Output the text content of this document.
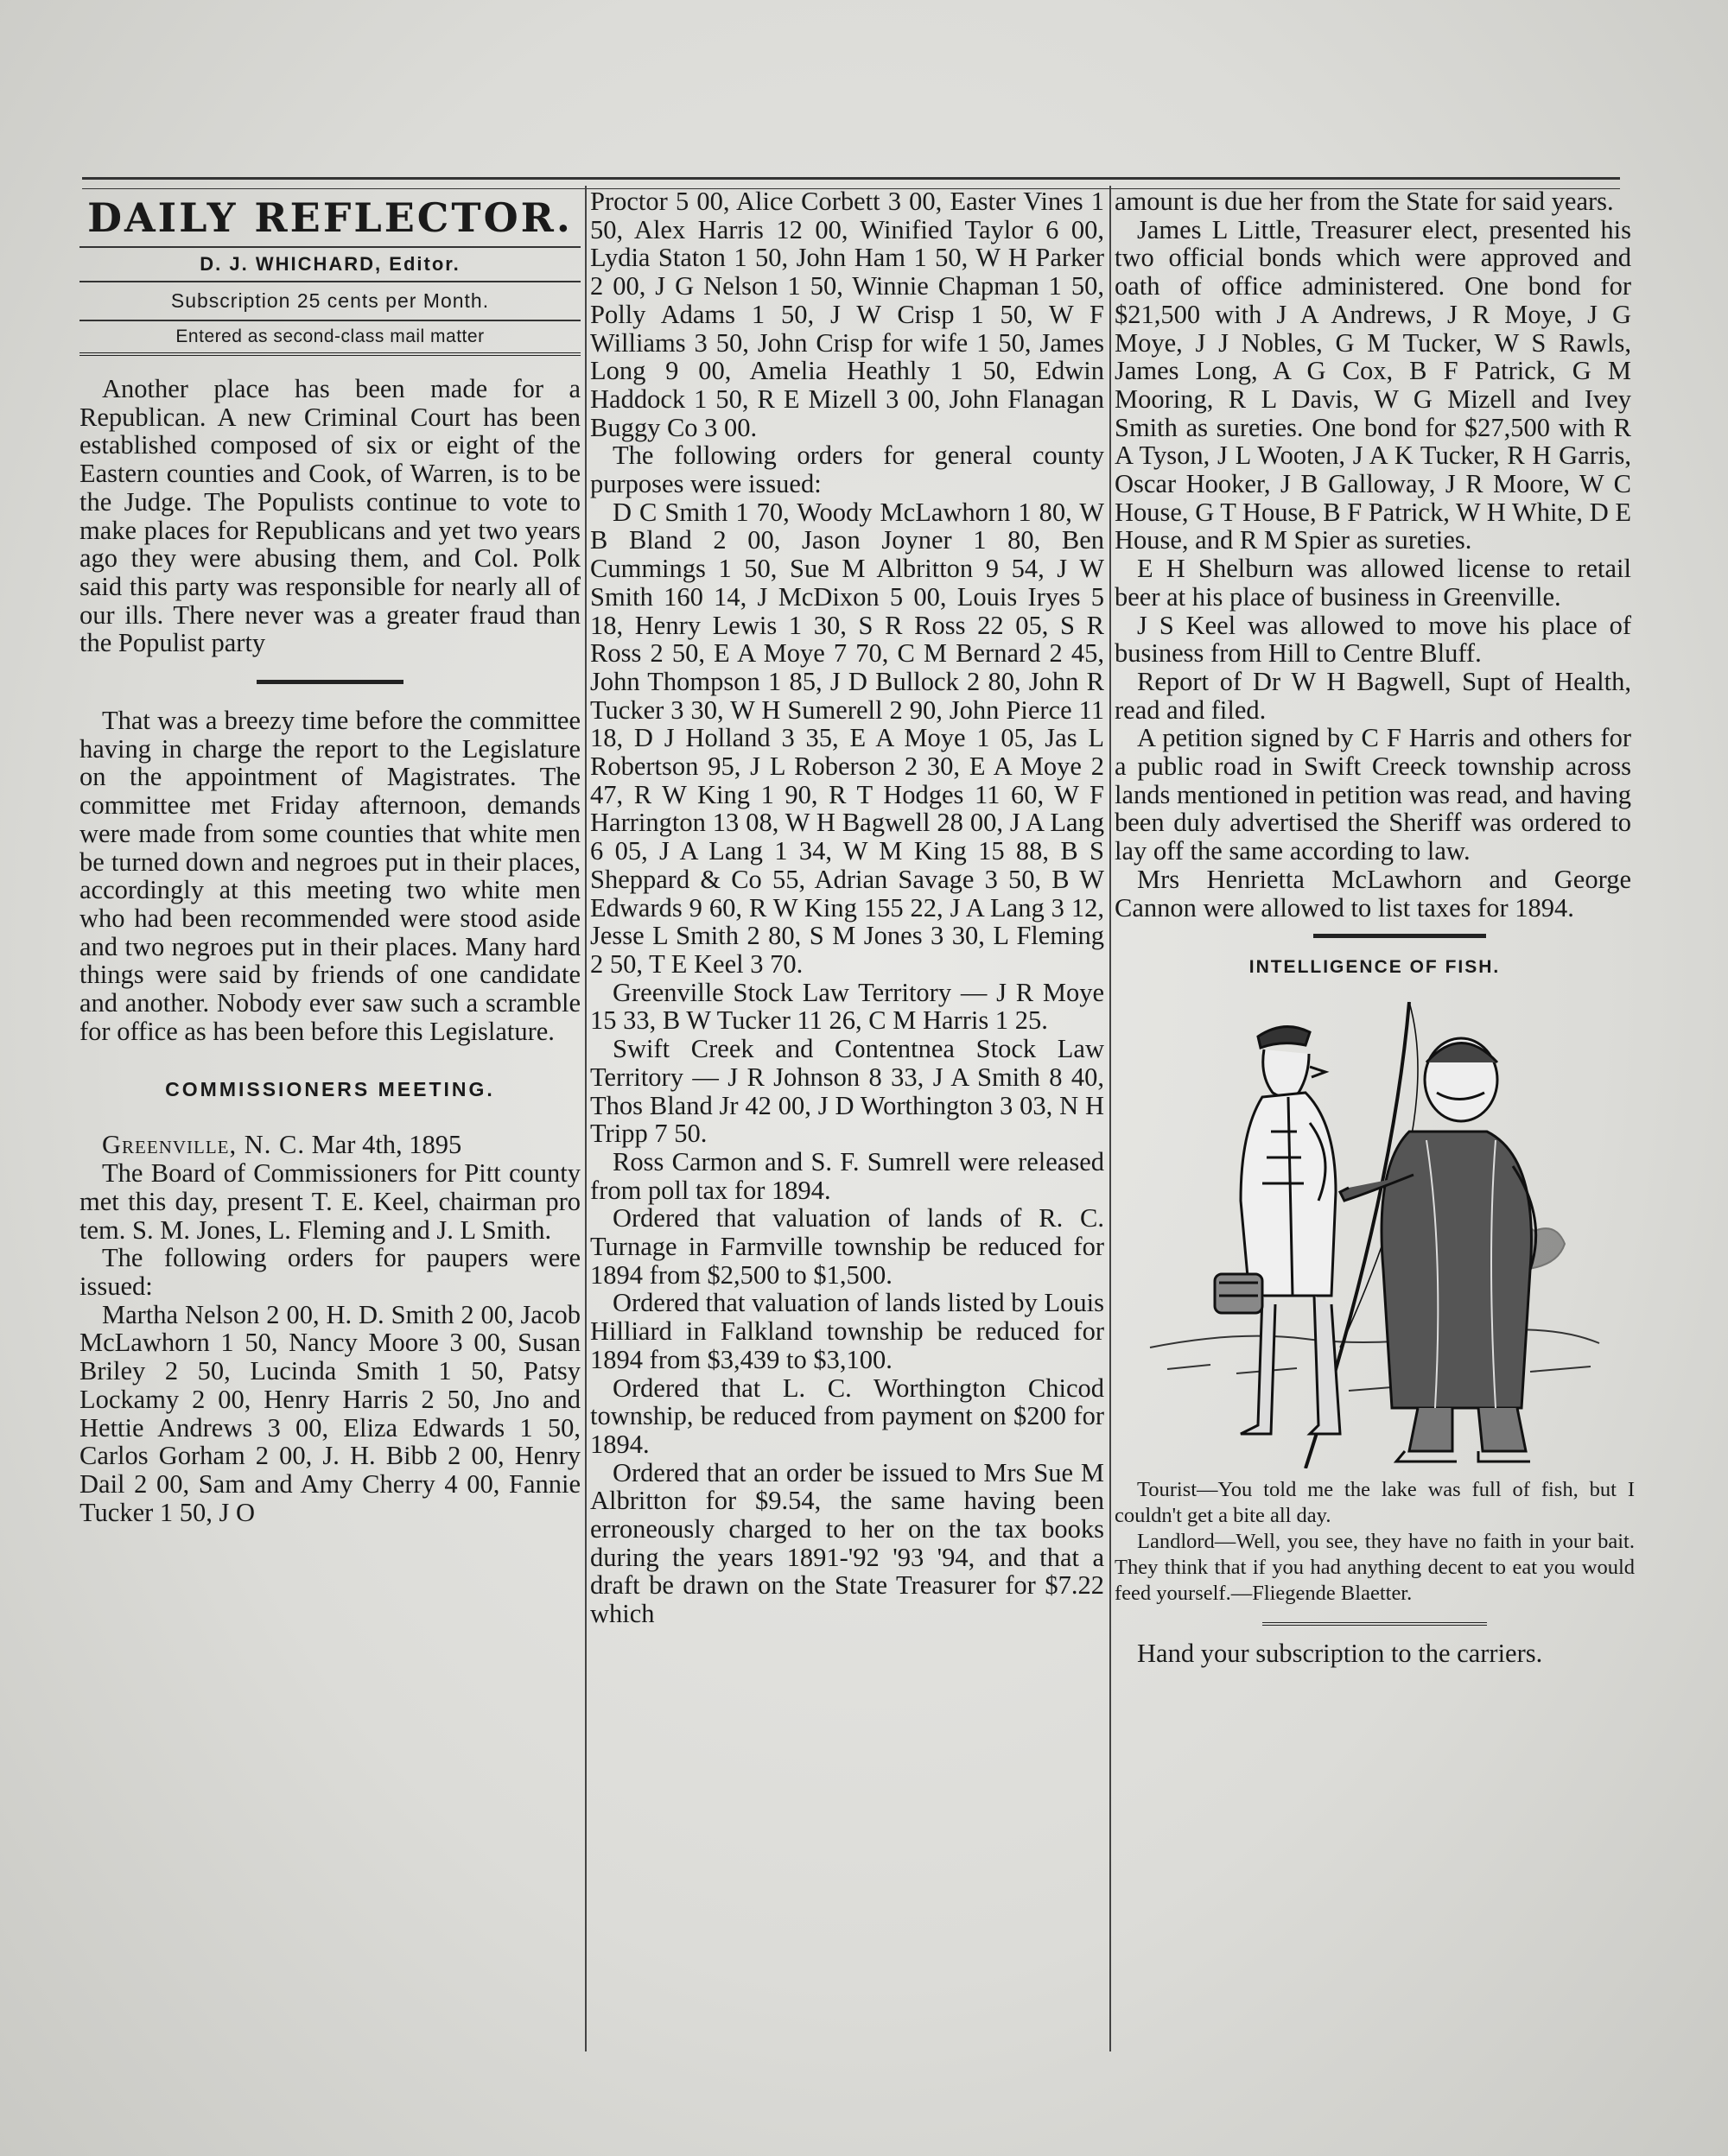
DAILY REFLECTOR.
D. J. WHICHARD, Editor.
Subscription 25 cents per Month.
Entered as second-class mail matter

Another place has been made for a Republican. A new Criminal Court has been established composed of six or eight of the Eastern counties and Cook, of Warren, is to be the Judge. The Populists continue to vote to make places for Republicans and yet two years ago they were abusing them, and Col. Polk said this party was responsible for nearly all of our ills. There never was a greater fraud than the Populist party

That was a breezy time before the committee having in charge the report to the Legislature on the appointment of Magistrates. The committee met Friday afternoon, demands were made from some counties that white men be turned down and negroes put in their places, accordingly at this meeting two white men who had been recommended were stood aside and two negroes put in their places. Many hard things were said by friends of one candidate and another. Nobody ever saw such a scramble for office as has been before this Legislature.

COMMISSIONERS MEETING.

Greenville, N. C. Mar 4th, 1895

The Board of Commissioners for Pitt county met this day, present T. E. Keel, chairman pro tem. S. M. Jones, L. Fleming and J. L Smith.

The following orders for paupers were issued:

Martha Nelson 2 00, H. D. Smith 2 00, Jacob McLawhorn 1 50, Nancy Moore 3 00, Susan Briley 2 50, Lucinda Smith 1 50, Patsy Lockamy 2 00, Henry Harris 2 50, Jno and Hettie Andrews 3 00, Eliza Edwards 1 50, Carlos Gorham 2 00, J. H. Bibb 2 00, Henry Dail 2 00, Sam and Amy Cherry 4 00, Fannie Tucker 1 50, J O

Proctor 5 00, Alice Corbett 3 00, Easter Vines 1 50, Alex Harris 12 00, Winified Taylor 6 00, Lydia Staton 1 50, John Ham 1 50, W H Parker 2 00, J G Nelson 1 50, Winnie Chapman 1 50, Polly Adams 1 50, J W Crisp 1 50, W F Williams 3 50, John Crisp for wife 1 50, James Long 9 00, Amelia Heathly 1 50, Edwin Haddock 1 50, R E Mizell 3 00, John Flanagan Buggy Co 3 00.

The following orders for general county purposes were issued:

D C Smith 1 70, Woody McLawhorn 1 80, W B Bland 2 00, Jason Joyner 1 80, Ben Cummings 1 50, Sue M Albritton 9 54, J W Smith 160 14, J McDixon 5 00, Louis Iryes 5 18, Henry Lewis 1 30, S R Ross 22 05, S R Ross 2 50, E A Moye 7 70, C M Bernard 2 45, John Thompson 1 85, J D Bullock 2 80, John R Tucker 3 30, W H Sumerell 2 90, John Pierce 11 18, D J Holland 3 35, E A Moye 1 05, Jas L Robertson 95, J L Roberson 2 30, E A Moye 2 47, R W King 1 90, R T Hodges 11 60, W F Harrington 13 08, W H Bagwell 28 00, J A Lang 6 05, J A Lang 1 34, W M King 15 88, B S Sheppard & Co 55, Adrian Savage 3 50, B W Edwards 9 60, R W King 155 22, J A Lang 3 12, Jesse L Smith 2 80, S M Jones 3 30, L Fleming 2 50, T E Keel 3 70.

Greenville Stock Law Territory — J R Moye 15 33, B W Tucker 11 26, C M Harris 1 25.

Swift Creek and Contentnea Stock Law Territory — J R Johnson 8 33, J A Smith 8 40, Thos Bland Jr 42 00, J D Worthington 3 03, N H Tripp 7 50.

Ross Carmon and S. F. Sumrell were released from poll tax for 1894.

Ordered that valuation of lands of R. C. Turnage in Farmville township be reduced for 1894 from $2,500 to $1,500.

Ordered that valuation of lands listed by Louis Hilliard in Falkland township be reduced for 1894 from $3,439 to $3,100.

Ordered that L. C. Worthington Chicod township, be reduced from payment on $200 for 1894.

Ordered that an order be issued to Mrs Sue M Albritton for $9.54, the same having been erroneously charged to her on the tax books during the years 1891-'92 '93 '94, and that a draft be drawn on the State Treasurer for $7.22 which

amount is due her from the State for said years.

James L Little, Treasurer elect, presented his two official bonds which were approved and oath of office administered. One bond for $21,500 with J A Andrews, J R Moye, J G Moye, J J Nobles, G M Tucker, W S Rawls, James Long, A G Cox, B F Patrick, G M Mooring, R L Davis, W G Mizell and Ivey Smith as sureties. One bond for $27,500 with R A Tyson, J L Wooten, J A K Tucker, R H Garris, Oscar Hooker, J B Galloway, J R Moore, W C House, G T House, B F Patrick, W H White, D E House, and R M Spier as sureties.

E H Shelburn was allowed license to retail beer at his place of business in Greenville.

J S Keel was allowed to move his place of business from Hill to Centre Bluff.

Report of Dr W H Bagwell, Supt of Health, read and filed.

A petition signed by C F Harris and others for a public road in Swift Creeck township across lands mentioned in petition was read, and having been duly advertised the Sheriff was ordered to lay off the same according to law.

Mrs Henrietta McLawhorn and George Cannon were allowed to list taxes for 1894.

INTELLIGENCE OF FISH.

Tourist—You told me the lake was full of fish, but I couldn't get a bite all day.

Landlord—Well, you see, they have no faith in your bait. They think that if you had anything decent to eat you would feed yourself.—Fliegende Blaetter.

Hand your subscription to the carriers.
